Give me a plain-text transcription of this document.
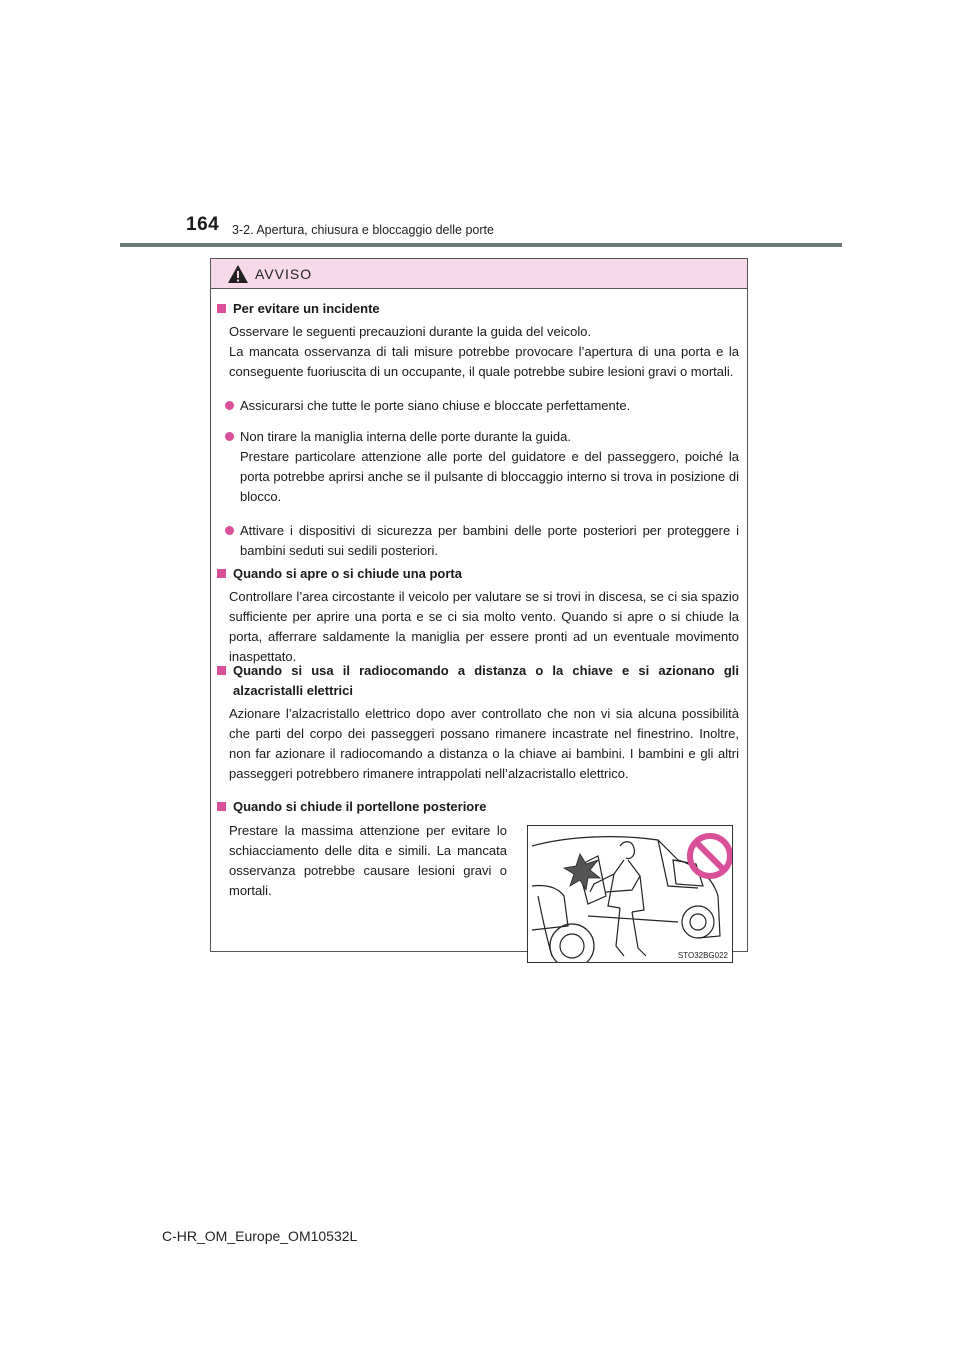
164 3-2. Apertura, chiusura e bloccaggio delle porte
AVVISO
Per evitare un incidente

Osservare le seguenti precauzioni durante la guida del veicolo.

La mancata osservanza di tali misure potrebbe provocare l’apertura di una porta e la conseguente fuoriuscita di un occupante, il quale potrebbe subire lesioni gravi o mortali.

Assicurarsi che tutte le porte siano chiuse e bloccate perfettamente.
Non tirare la maniglia interna delle porte durante la guida.
Prestare particolare attenzione alle porte del guidatore e del passeggero, poiché la porta potrebbe aprirsi anche se il pulsante di bloccaggio interno si trova in posizione di blocco.
Attivare i dispositivi di sicurezza per bambini delle porte posteriori per proteggere i bambini seduti sui sedili posteriori.
Quando si apre o si chiude una porta

Controllare l’area circostante il veicolo per valutare se si trovi in discesa, se ci sia spazio sufficiente per aprire una porta e se ci sia molto vento. Quando si apre o si chiude la porta, afferrare saldamente la maniglia per essere pronti ad un eventuale movimento inaspettato.

Quando si usa il radiocomando a distanza o la chiave e si azionano gli alzacristalli elettrici

Azionare l’alzacristallo elettrico dopo aver controllato che non vi sia alcuna possibilità che parti del corpo dei passeggeri possano rimanere incastrate nel finestrino. Inoltre, non far azionare il radiocomando a distanza o la chiave ai bambini. I bambini e gli altri passeggeri potrebbero rimanere intrappolati nell’alzacristallo elettrico.

Quando si chiude il portellone posteriore

Prestare la massima attenzione per evitare lo schiacciamento delle dita e simili. La mancata osservanza potrebbe causare lesioni gravi o mortali.

STO32BG022
C-HR_OM_Europe_OM10532L
